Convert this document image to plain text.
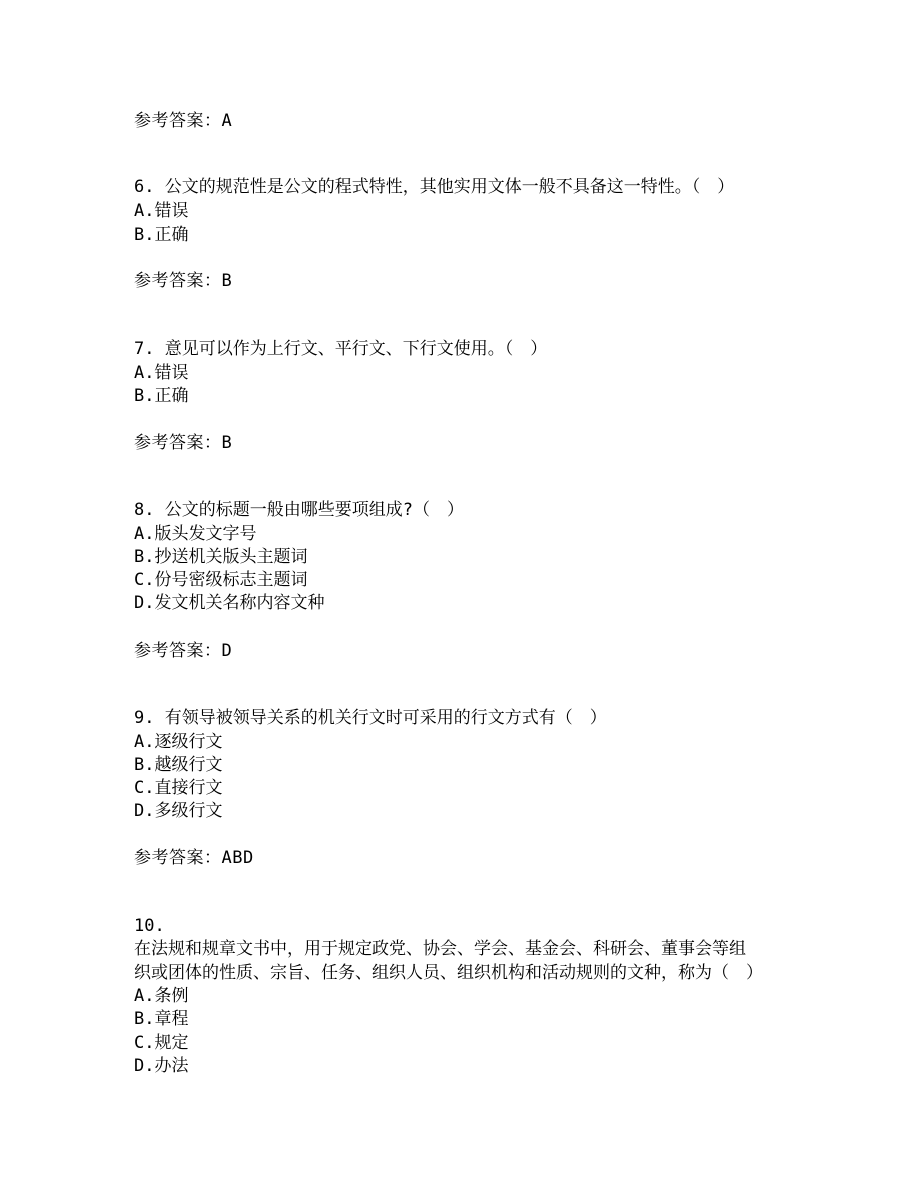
参考答案：A
6. 公文的规范性是公文的程式特性，其他实用文体一般不具备这一特性。（　）
A.错误
B.正确
参考答案：B
7. 意见可以作为上行文、平行文、下行文使用。（　）
A.错误
B.正确
参考答案：B
8. 公文的标题一般由哪些要项组成?（　）
A.版头发文字号
B.抄送机关版头主题词
C.份号密级标志主题词
D.发文机关名称内容文种
参考答案：D
9. 有领导被领导关系的机关行文时可采用的行文方式有（　）
A.逐级行文
B.越级行文
C.直接行文
D.多级行文
参考答案：ABD
10.
在法规和规章文书中，用于规定政党、协会、学会、基金会、科研会、董事会等组
织或团体的性质、宗旨、任务、组织人员、组织机构和活动规则的文种，称为（　）
A.条例
B.章程
C.规定
D.办法
